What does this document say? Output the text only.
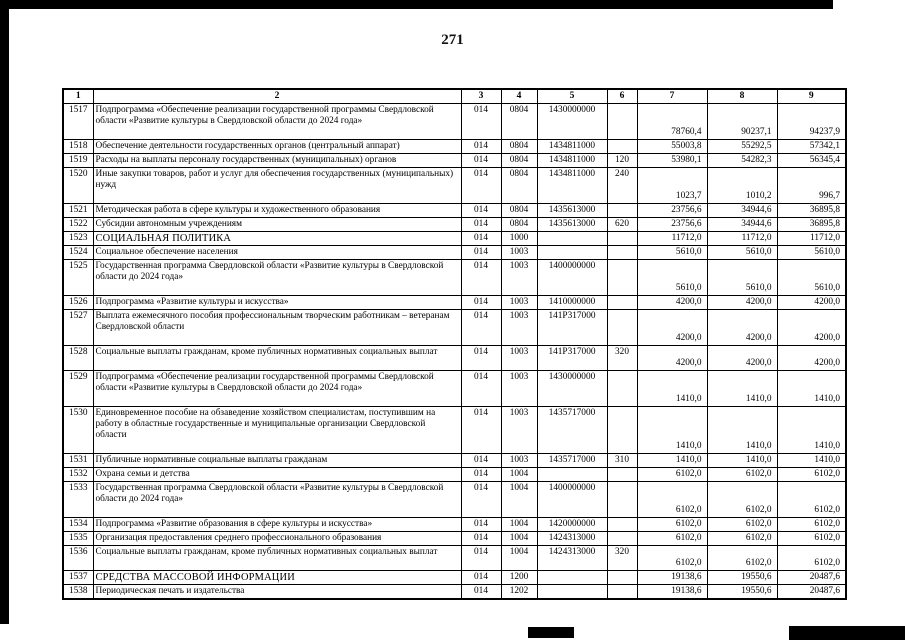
271
1	2	3	4	5	6	7	8	9
1517	Подпрограмма «Обеспечение реализации государственной программы Свердловской области «Развитие культуры в Свердловской области до 2024 года»	014	0804	1430000000		78760,4	90237,1	94237,9
1518	Обеспечение деятельности государственных органов (центральный аппарат)	014	0804	1434811000		55003,8	55292,5	57342,1
1519	Расходы на выплаты персоналу государственных (муниципальных) органов	014	0804	1434811000	120	53980,1	54282,3	56345,4
1520	Иные закупки товаров, работ и услуг для обеспечения государственных (муниципальных) нужд	014	0804	1434811000	240	1023,7	1010,2	996,7
1521	Методическая работа в сфере культуры и художественного образования	014	0804	1435613000		23756,6	34944,6	36895,8
1522	Субсидии автономным учреждениям	014	0804	1435613000	620	23756,6	34944,6	36895,8
1523	СОЦИАЛЬНАЯ ПОЛИТИКА	014	1000			11712,0	11712,0	11712,0
1524	Социальное обеспечение населения	014	1003			5610,0	5610,0	5610,0
1525	Государственная программа Свердловской области «Развитие культуры в Свердловской области до 2024 года»	014	1003	1400000000		5610,0	5610,0	5610,0
1526	Подпрограмма «Развитие культуры и искусства»	014	1003	1410000000		4200,0	4200,0	4200,0
1527	Выплата ежемесячного пособия профессиональным творческим работникам – ветеранам Свердловской области	014	1003	141P317000		4200,0	4200,0	4200,0
1528	Социальные выплаты гражданам, кроме публичных нормативных социальных выплат	014	1003	141P317000	320	4200,0	4200,0	4200,0
1529	Подпрограмма «Обеспечение реализации государственной программы Свердловской области «Развитие культуры в Свердловской области до 2024 года»	014	1003	1430000000		1410,0	1410,0	1410,0
1530	Единовременное пособие на обзаведение хозяйством специалистам, поступившим на работу в областные государственные и муниципальные организации Свердловской области	014	1003	1435717000		1410,0	1410,0	1410,0
1531	Публичные нормативные социальные выплаты гражданам	014	1003	1435717000	310	1410,0	1410,0	1410,0
1532	Охрана семьи и детства	014	1004			6102,0	6102,0	6102,0
1533	Государственная программа Свердловской области «Развитие культуры в Свердловской области до 2024 года»	014	1004	1400000000		6102,0	6102,0	6102,0
1534	Подпрограмма «Развитие образования в сфере культуры и искусства»	014	1004	1420000000		6102,0	6102,0	6102,0
1535	Организация предоставления среднего профессионального образования	014	1004	1424313000		6102,0	6102,0	6102,0
1536	Социальные выплаты гражданам, кроме публичных нормативных социальных выплат	014	1004	1424313000	320	6102,0	6102,0	6102,0
1537	СРЕДСТВА МАССОВОЙ ИНФОРМАЦИИ	014	1200			19138,6	19550,6	20487,6
1538	Периодическая печать и издательства	014	1202			19138,6	19550,6	20487,6
